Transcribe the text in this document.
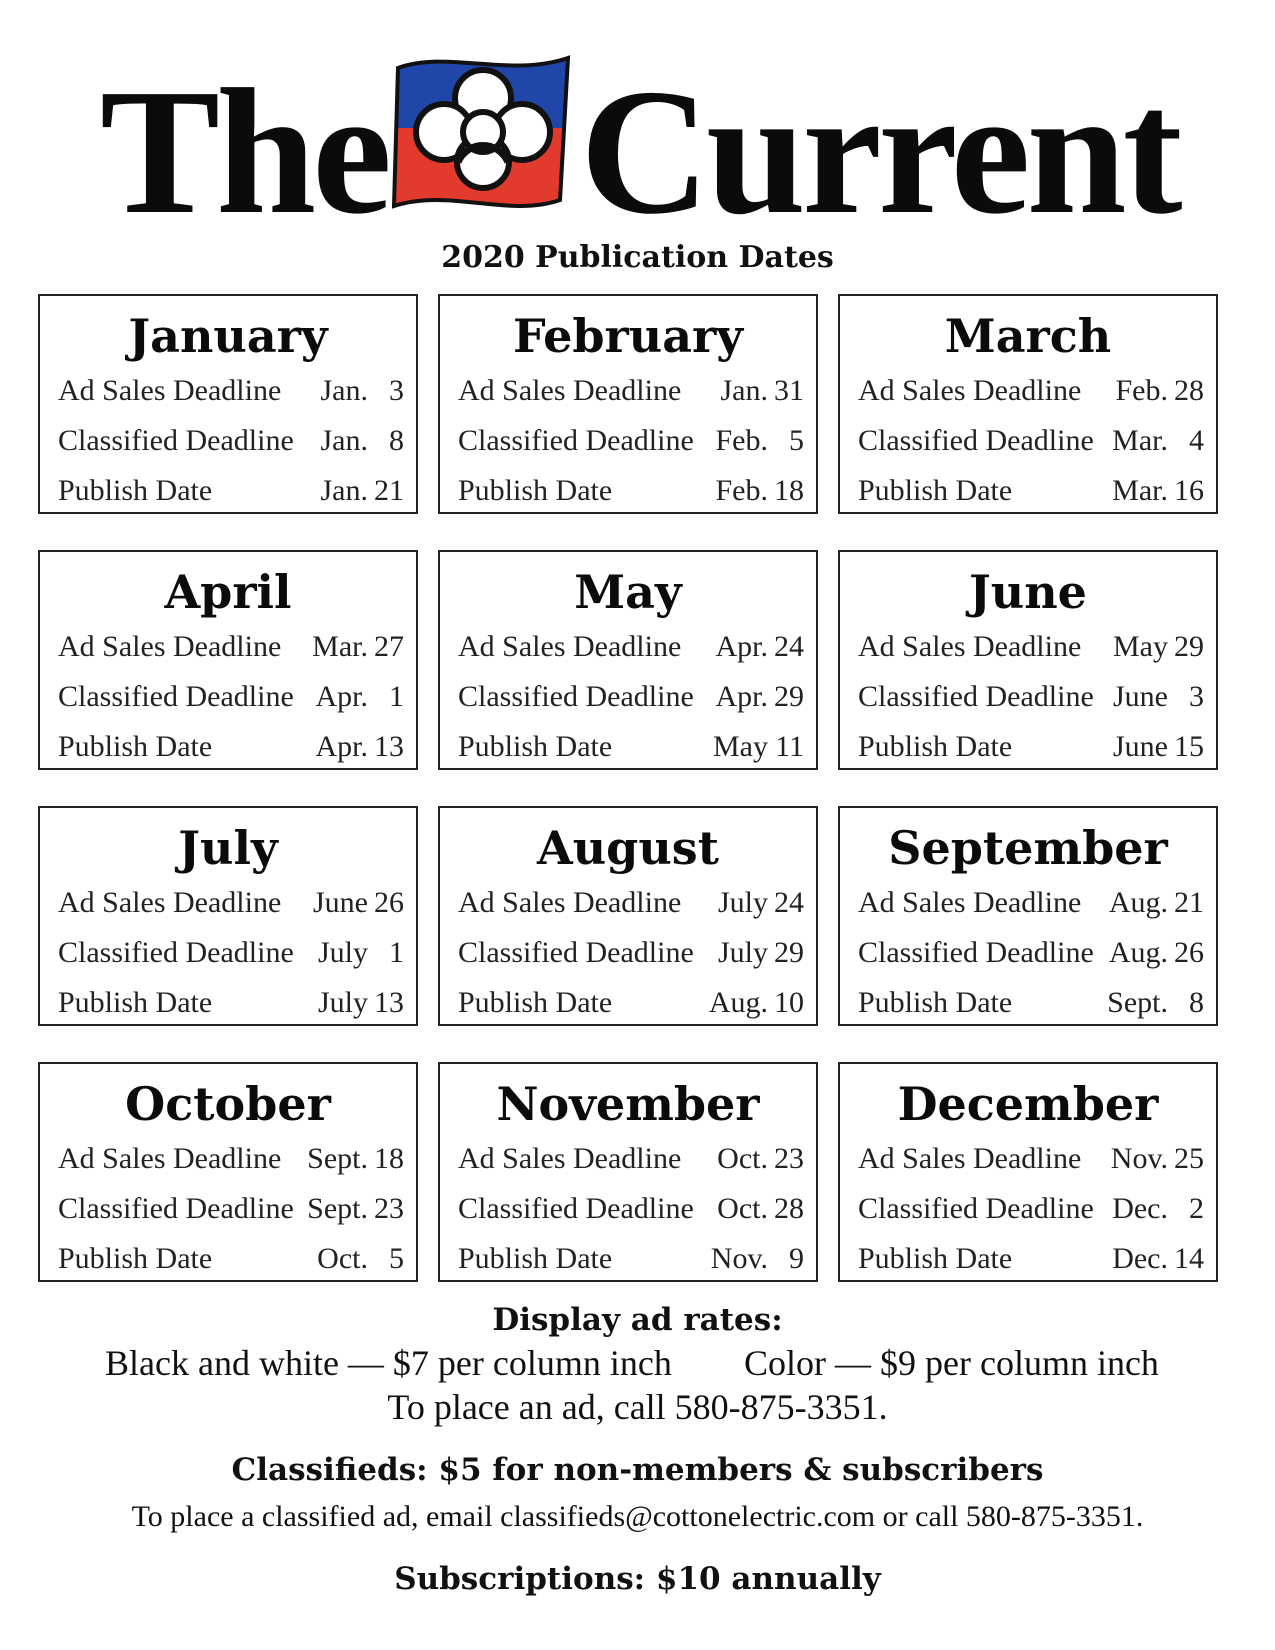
The Current
2020 Publication Dates
January
Ad Sales Deadline Jan. 3
Classified Deadline Jan. 8
Publish Date	Jan. 21
February
Ad Sales Deadline Jan. 31
Classified Deadline Feb. 5
Publish Date	Feb. 18
March
Ad Sales Deadline Feb. 28
Classified Deadline Mar. 4
Publish Date	Mar. 16
April
Ad Sales Deadline Mar. 27
Classified Deadline Apr. 1
Publish Date	Apr. 13
May
Ad Sales Deadline Apr. 24
Classified Deadline Apr. 29
Publish Date	May 11
June
Ad Sales Deadline May 29
Classified Deadline June 3
Publish Date	June 15
July
Ad Sales Deadline June 26
Classified Deadline July 1
Publish Date	July 13
August
Ad Sales Deadline July 24
Classified Deadline July 29
Publish Date	Aug. 10
September
Ad Sales Deadline Aug. 21
Classified Deadline Aug. 26
Publish Date	Sept. 8
October
Ad Sales Deadline Sept. 18
Classified Deadline Sept. 23
Publish Date	Oct. 5
November
Ad Sales Deadline Oct. 23
Classified Deadline Oct. 28
Publish Date	Nov. 9
December
Ad Sales Deadline Nov. 25
Classified Deadline Dec. 2
Publish Date	Dec. 14
Display ad rates:
Black and white — $7 per column inch Color — $9 per column inch
To place an ad, call 580-875-3351.
Classifieds: $5 for non-members & subscribers
To place a classified ad, email classifieds@cottonelectric.com or call 580-875-3351.
Subscriptions: $10 annually
